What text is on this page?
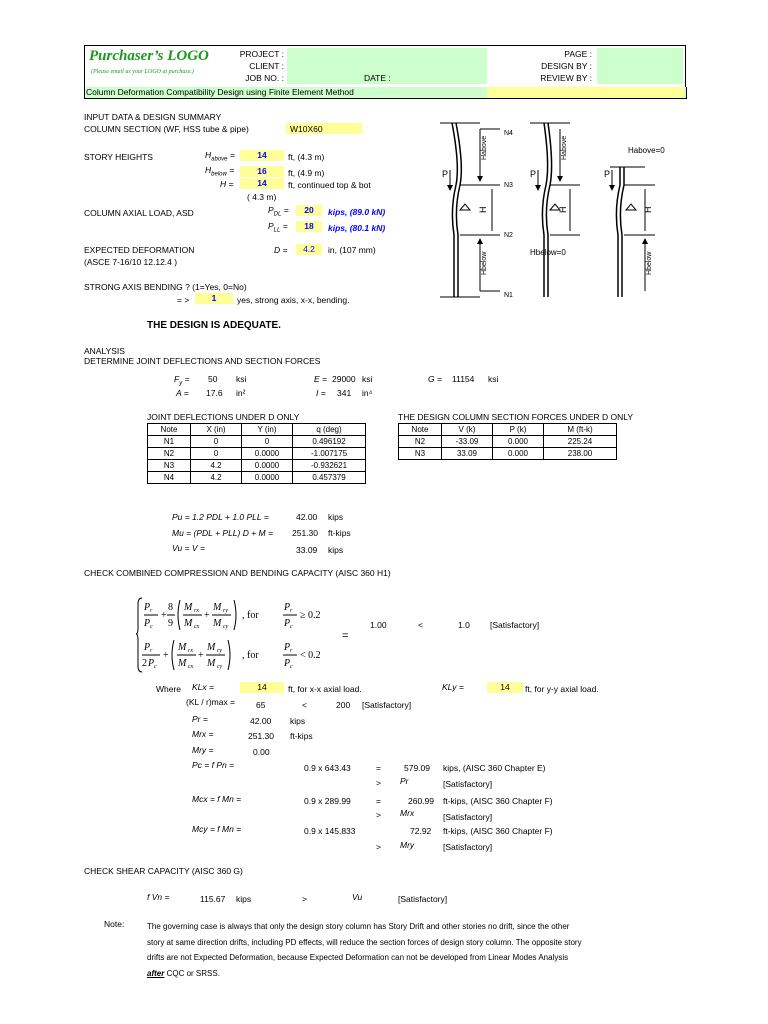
Purchaser’s LOGO
(Please email us your LOGO at purchase.)
PROJECT :
CLIENT :
JOB NO. :	DATE :
PAGE :
DESIGN BY :
REVIEW BY :
Column Deformation Compatibility Design using Finite Element Method
INPUT DATA & DESIGN SUMMARY
COLUMN SECTION (WF, HSS tube & pipe)	W10X60
STORY HEIGHTS	$H_{above}$ =	14	ft, (4.3 m)
$H_{below}$ =	16	ft, (4.9 m)
H =	14	ft, continued top & bot
( 4.3 m)
COLUMN AXIAL LOAD, ASD	$P_{DL}$ =	20	kips, (89.0 kN)
$P_{LL}$ =	18	kips, (80.1 kN)
EXPECTED DEFORMATION
(ASCE 7-16/10 12.12.4 )
D =	4.2	in, (107 mm)
STRONG AXIS BENDING ? (1=Yes, 0=No)
= >	1	yes, strong axis, x-x, bending.
THE DESIGN IS ADEQUATE.
N4
N3
N2
N1
P	P	P
Habove=0
Hbelow=0
Habove	Habove
Hbelow	Hbelow
H	H	H
ANALYSIS
DETERMINE JOINT DEFLECTIONS AND SECTION FORCES
$F_y = 50$ ksi	E = 29000 ksi	G = 11154 ksi
A = 17.6 in²	I = 341 in⁴
JOINT DEFLECTIONS UNDER D ONLY
Note	X (in)	Y (in)	q (deg)
N1	0	0	0.496192
N2	0	0.0000	-1.007175
N3	4.2	0.0000	-0.932621
N4	4.2	0.0000	0.457379
THE DESIGN COLUMN SECTION FORCES UNDER D ONLY
Note	V (k)	P (k)	M (ft-k)
N2	-33.09	0.000	225.24
N3	33.09	0.000	238.00
Pu = 1.2 PDL + 1.0 PLL =	42.00 kips
Mu = (PDL + PLL) D + M = 251.30 ft-kips
Vu = V =	33.09 kips
CHECK COMBINED COMPRESSION AND BENDING CAPACITY (AISC 360 H1)
P r
P c
+
8
9
M rx
M cx
+
M ry
M cy
, for
P r
P c
≥ 0.2
P r
2 P c
+
M rx
M cx
+
M ry
M cy
, for
P r
P c
< 0.2
=
1.00	<	1.0 [Satisfactory]
Where KLx =	14	ft, for x-x axial load.	KLy =	14	ft, for y-y axial load.
(KL / r)max = 65	<	200 [Satisfactory]
Pr =	42.00 kips
Mrx =	251.30 ft-kips
Mry =	0.00
Pc = f Pn =	0.9 x 643.43	=	579.09 kips, (AISC 360 Chapter E)
> Pr	[Satisfactory]
Mcx = f Mn =	0.9 x 289.99	=	260.99 ft-kips, (AISC 360 Chapter F)
> Mrx	[Satisfactory]
Mcy = f Mn =	0.9 x 145.833	72.92 ft-kips, (AISC 360 Chapter F)
> Mry	[Satisfactory]
CHECK SHEAR CAPACITY (AISC 360 G)
f Vn =	115.67 kips	>	Vu	[Satisfactory]
Note:	The governing case is always that only the design story column has Story Drift and other stories no drift, since the other
story at same direction drifts, including PD effects, will reduce the section forces of design story column. The opposite story
drifts are not Expected Deformation, because Expected Deformation can not be developed from Linear Modes Analysis
after CQC or SRSS.
